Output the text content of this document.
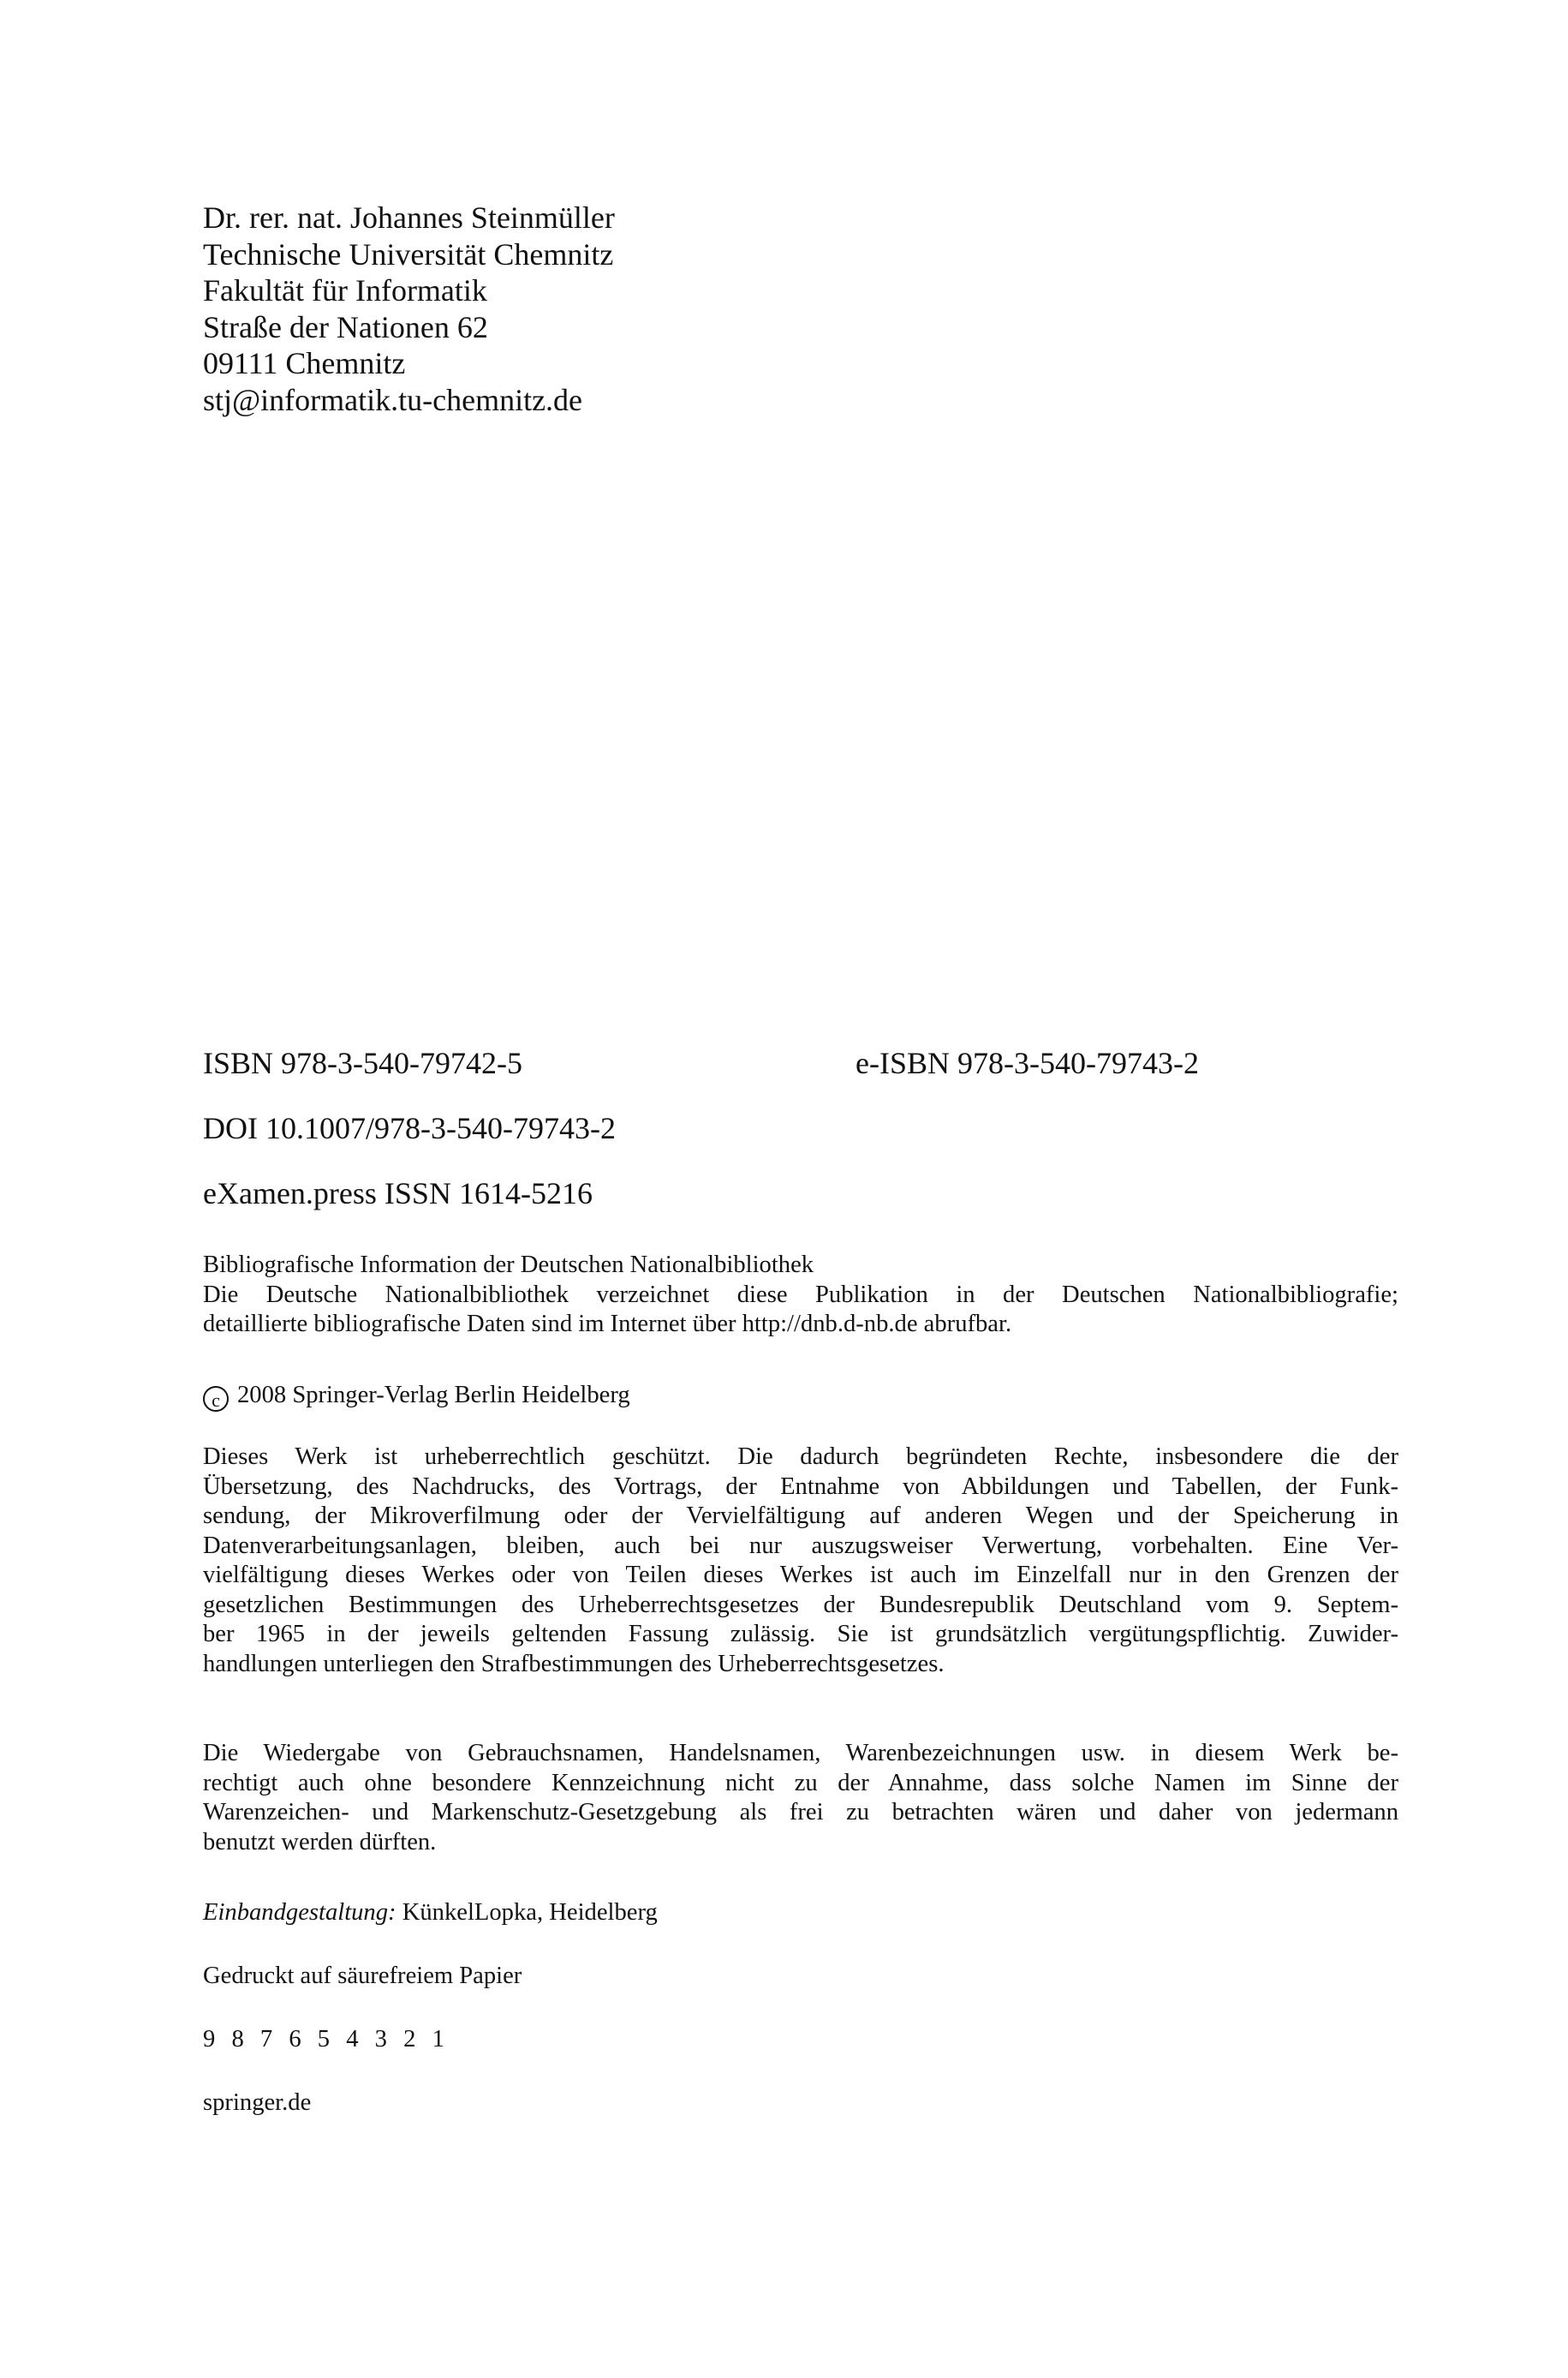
Dr. rer. nat. Johannes Steinmüller
Technische Universität Chemnitz
Fakultät für Informatik
Straße der Nationen 62
09111 Chemnitz
stj@informatik.tu-chemnitz.de
ISBN 978-3-540-79742-5	e-ISBN 978-3-540-79743-2
DOI 10.1007/978-3-540-79743-2
eXamen.press ISSN 1614-5216
Bibliografische Information der Deutschen Nationalbibliothek
Die Deutsche Nationalbibliothek verzeichnet diese Publikation in der Deutschen Nationalbibliografie;
detaillierte bibliografische Daten sind im Internet über http://dnb.d-nb.de abrufbar.
c 2008 Springer-Verlag Berlin Heidelberg
Dieses Werk ist urheberrechtlich geschützt. Die dadurch begründeten Rechte, insbesondere die der
Übersetzung, des Nachdrucks, des Vortrags, der Entnahme von Abbildungen und Tabellen, der Funk-
sendung, der Mikroverfilmung oder der Vervielfältigung auf anderen Wegen und der Speicherung in
Datenverarbeitungsanlagen, bleiben, auch bei nur auszugsweiser Verwertung, vorbehalten. Eine Ver-
vielfältigung dieses Werkes oder von Teilen dieses Werkes ist auch im Einzelfall nur in den Grenzen der
gesetzlichen Bestimmungen des Urheberrechtsgesetzes der Bundesrepublik Deutschland vom 9. Septem-
ber 1965 in der jeweils geltenden Fassung zulässig. Sie ist grundsätzlich vergütungspflichtig. Zuwider-
handlungen unterliegen den Strafbestimmungen des Urheberrechtsgesetzes.
Die Wiedergabe von Gebrauchsnamen, Handelsnamen, Warenbezeichnungen usw. in diesem Werk be-
rechtigt auch ohne besondere Kennzeichnung nicht zu der Annahme, dass solche Namen im Sinne der
Warenzeichen- und Markenschutz-Gesetzgebung als frei zu betrachten wären und daher von jedermann
benutzt werden dürften.
Einbandgestaltung: KünkelLopka, Heidelberg
Gedruckt auf säurefreiem Papier
9 8 7 6 5 4 3 2 1
springer.de
